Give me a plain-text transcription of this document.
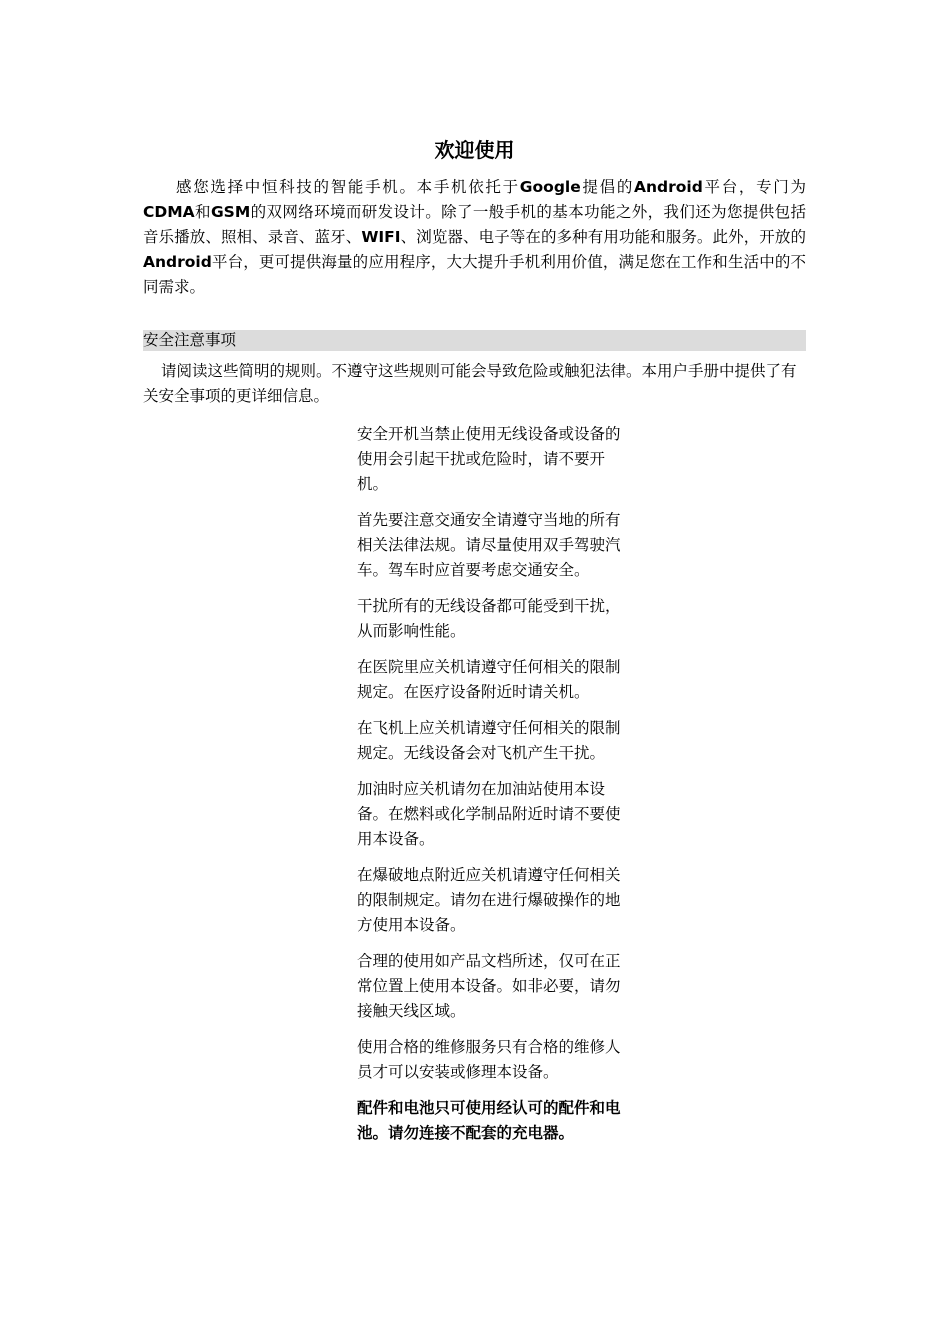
欢迎使用

感您选择中恒科技的智能手机。本手机依托于Google提倡的Android平台，专门为CDMA和GSM的双网络环境而研发设计。除了一般手机的基本功能之外，我们还为您提供包括音乐播放、照相、录音、蓝牙、WIFI、浏览器、电子等在的多种有用功能和服务。此外，开放的Android平台，更可提供海量的应用程序，大大提升手机利用价值，满足您在工作和生活中的不同需求。

安全注意事项

请阅读这些简明的规则。不遵守这些规则可能会导致危险或触犯法律。本用户手册中提供了有关安全事项的更详细信息。

安全开机当禁止使用无线设备或设备的使用会引起干扰或危险时，请不要开机。
首先要注意交通安全请遵守当地的所有相关法律法规。请尽量使用双手驾驶汽车。驾车时应首要考虑交通安全。
干扰所有的无线设备都可能受到干扰，从而影响性能。
在医院里应关机请遵守任何相关的限制规定。在医疗设备附近时请关机。
在飞机上应关机请遵守任何相关的限制规定。无线设备会对飞机产生干扰。
加油时应关机请勿在加油站使用本设备。在燃料或化学制品附近时请不要使用本设备。
在爆破地点附近应关机请遵守任何相关的限制规定。请勿在进行爆破操作的地方使用本设备。
合理的使用如产品文档所述，仅可在正常位置上使用本设备。如非必要，请勿接触天线区域。
使用合格的维修服务只有合格的维修人员才可以安装或修理本设备。
配件和电池只可使用经认可的配件和电池。请勿连接不配套的充电器。
